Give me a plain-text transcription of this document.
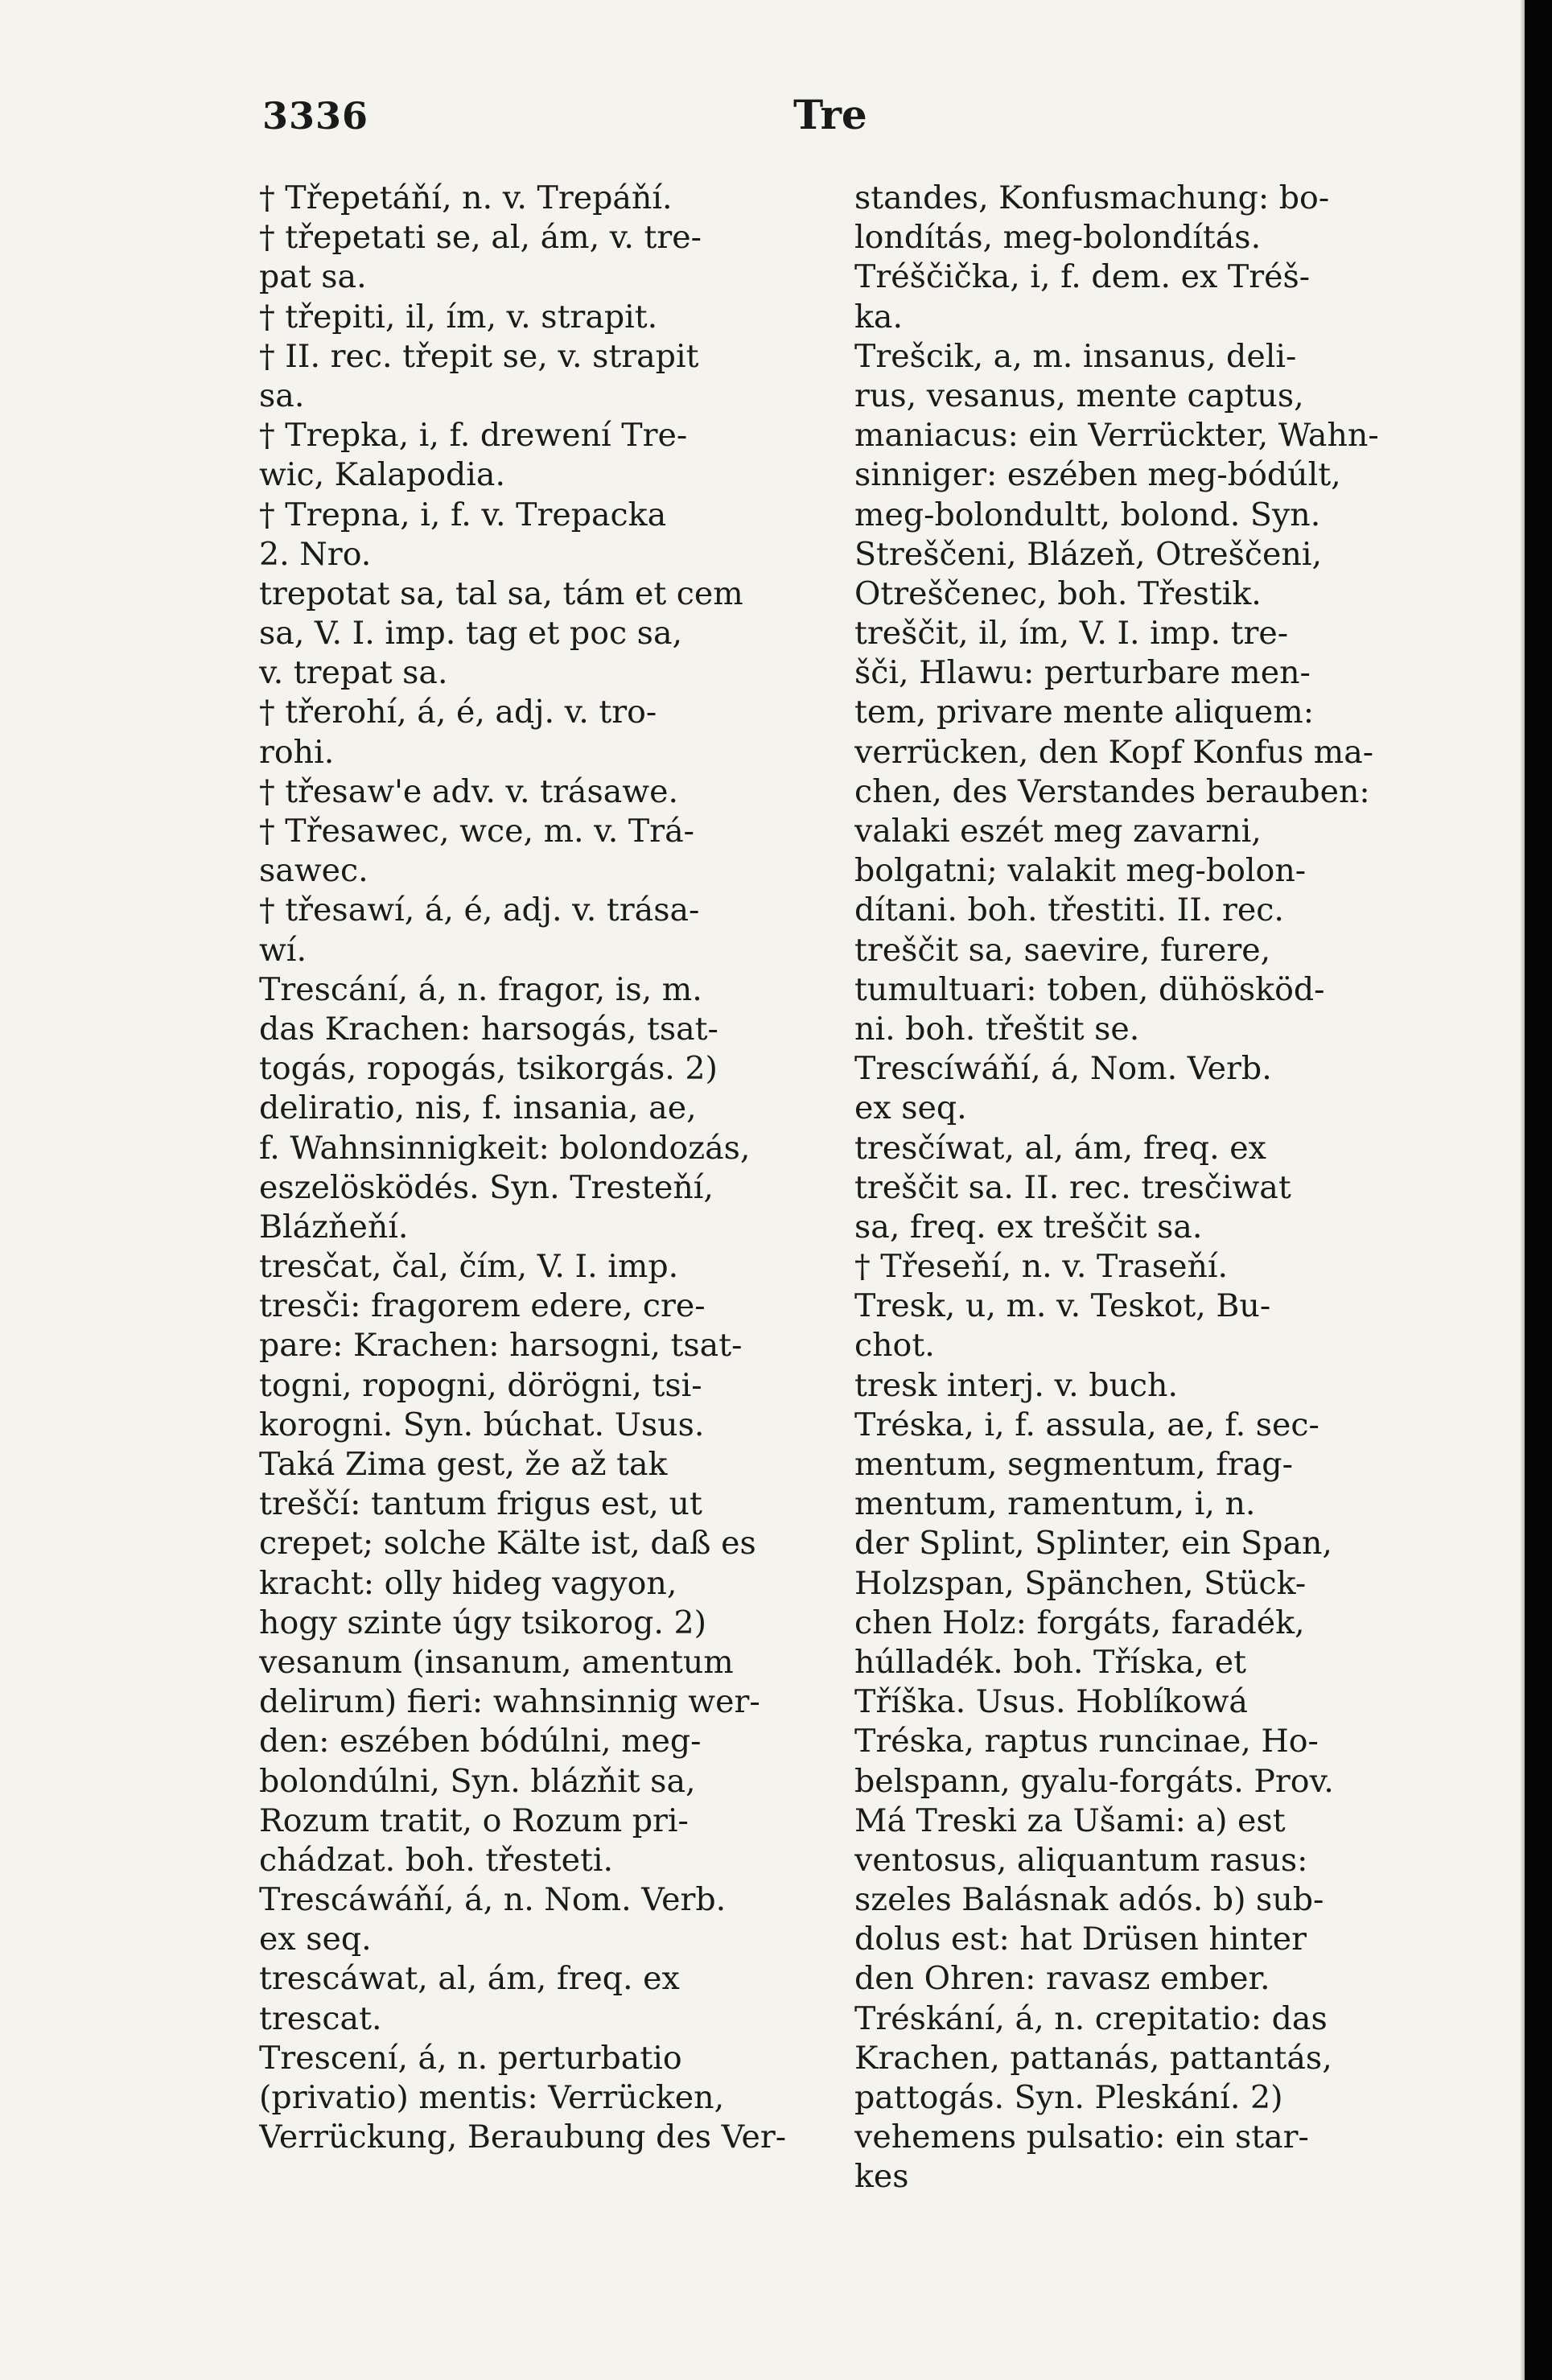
3336	Tre
† Třepetáňí, n. v. Trepáňí.
† třepetati se, al, ám, v. tre-
pat sa.
† třepiti, il, ím, v. strapit.
† II. rec. třepit se, v. strapit
sa.
† Trepka, i, f. drewení Tre-
wic, Kalapodia.
† Trepna, i, f. v. Trepacka
2. Nro.
trepotat sa, tal sa, tám et cem
sa, V. I. imp. tag et poc sa,
v. trepat sa.
† třerohí, á, é, adj. v. tro-
rohi.
† třesaw'e adv. v. trásawe.
† Třesawec, wce, m. v. Trá-
sawec.
† třesawí, á, é, adj. v. trása-
wí.
Trescání, á, n. fragor, is, m.
das Krachen: harsogás, tsat-
togás, ropogás, tsikorgás. 2)
deliratio, nis, f. insania, ae,
f. Wahnsinnigkeit: bolondozás,
eszelösködés. Syn. Tresteňí,
Blázňeňí.
tresčat, čal, čím, V. I. imp.
tresči: fragorem edere, cre-
pare: Krachen: harsogni, tsat-
togni, ropogni, dörögni, tsi-
korogni. Syn. búchat. Usus.
Taká Zima gest, že až tak
treščí: tantum frigus est, ut
crepet; solche Kälte ist, daß es
kracht: olly hideg vagyon,
hogy szinte úgy tsikorog. 2)
vesanum (insanum, amentum
delirum) fieri: wahnsinnig wer-
den: eszében bódúlni, meg-
bolondúlni, Syn. blázňit sa,
Rozum tratit, o Rozum pri-
chádzat. boh. třesteti.
Trescáwáňí, á, n. Nom. Verb.
ex seq.
trescáwat, al, ám, freq. ex
trescat.
Trescení, á, n. perturbatio
(privatio) mentis: Verrücken,
Verrückung, Beraubung des Ver-
standes, Konfusmachung: bo-
londítás, meg-bolondítás.
Tréščička, i, f. dem. ex Tréš-
ka.
Trešcik, a, m. insanus, deli-
rus, vesanus, mente captus,
maniacus: ein Verrückter, Wahn-
sinniger: eszében meg-bódúlt,
meg-bolondultt, bolond. Syn.
Streščeni, Blázeň, Otreščeni,
Otreščenec, boh. Třestik.
treščit, il, ím, V. I. imp. tre-
šči, Hlawu: perturbare men-
tem, privare mente aliquem:
verrücken, den Kopf Konfus ma-
chen, des Verstandes berauben:
valaki eszét meg zavarni,
bolgatni; valakit meg-bolon-
dítani. boh. třestiti. II. rec.
treščit sa, saevire, furere,
tumultuari: toben, dühösköd-
ni. boh. třeštit se.
Trescíwáňí, á, Nom. Verb.
ex seq.
tresčíwat, al, ám, freq. ex
treščit sa. II. rec. tresčiwat
sa, freq. ex treščit sa.
† Třeseňí, n. v. Traseňí.
Tresk, u, m. v. Teskot, Bu-
chot.
tresk interj. v. buch.
Tréska, i, f. assula, ae, f. sec-
mentum, segmentum, frag-
mentum, ramentum, i, n.
der Splint, Splinter, ein Span,
Holzspan, Spänchen, Stück-
chen Holz: forgáts, faradék,
húlladék. boh. Tříska, et
Tříška. Usus. Hoblíkowá
Tréska, raptus runcinae, Ho-
belspann, gyalu-forgáts. Prov.
Má Treski za Ušami: a) est
ventosus, aliquantum rasus:
szeles Balásnak adós. b) sub-
dolus est: hat Drüsen hinter
den Ohren: ravasz ember.
Tréskání, á, n. crepitatio: das
Krachen, pattanás, pattantás,
pattogás. Syn. Pleskání. 2)
vehemens pulsatio: ein star-
kes
